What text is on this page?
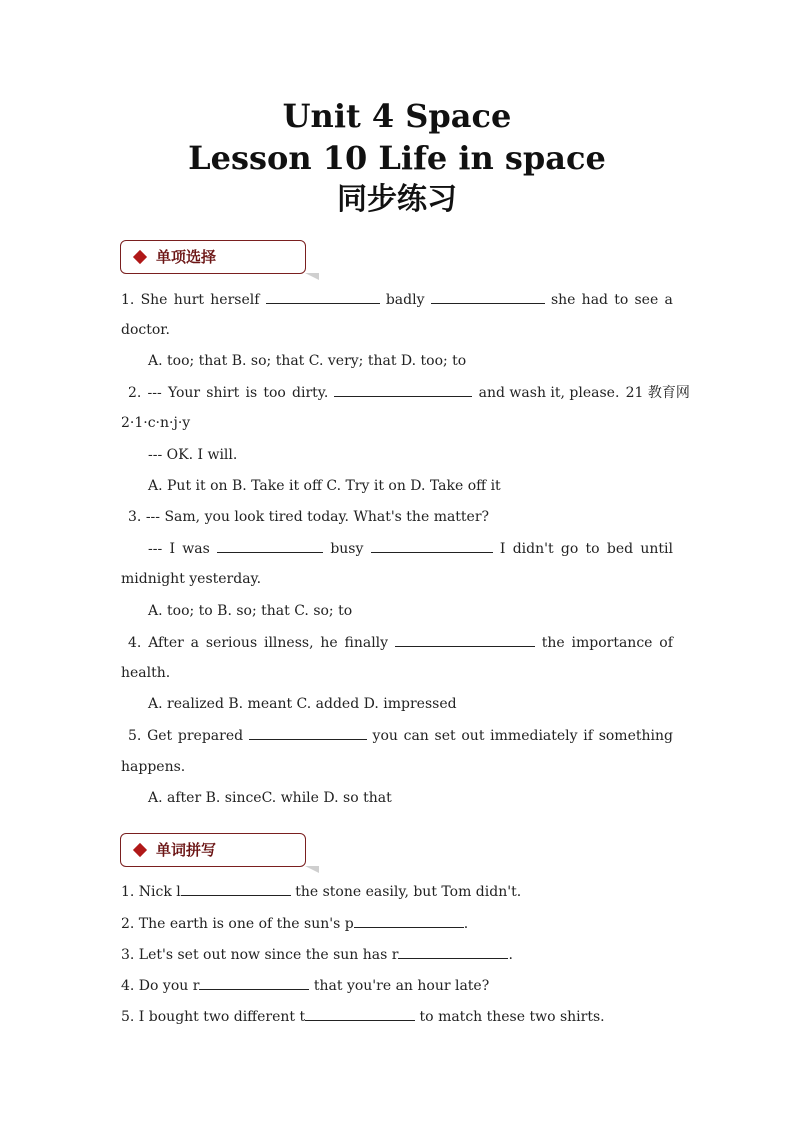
Unit 4 Space
Lesson 10 Life in space
同步练习
单项选择
1. She hurt herself	badly	she had to see a
doctor.
A. too; that B. so; that C. very; that D. too; to
2. --- Your shirt is too dirty.	and wash it, please. 21 教育网
2·1·c·n·j·y
--- OK. I will.
A. Put it on B. Take it off C. Try it on D. Take off it
3. --- Sam, you look tired today. What's the matter?
--- I was	busy	I didn't go to bed until
midnight yesterday.
A. too; to B. so; that C. so; to
4. After a serious illness, he finally	the importance of
health.
A. realized B. meant C. added D. impressed
5. Get prepared	you can set out immediately if something
happens.
A. after B. sinceC. while D. so that
单词拼写
1. Nick l	the stone easily, but Tom didn't.
2. The earth is one of the sun's p	.
3. Let's set out now since the sun has r	.
4. Do you r	that you're an hour late?
5. I bought two different t	to match these two shirts.
